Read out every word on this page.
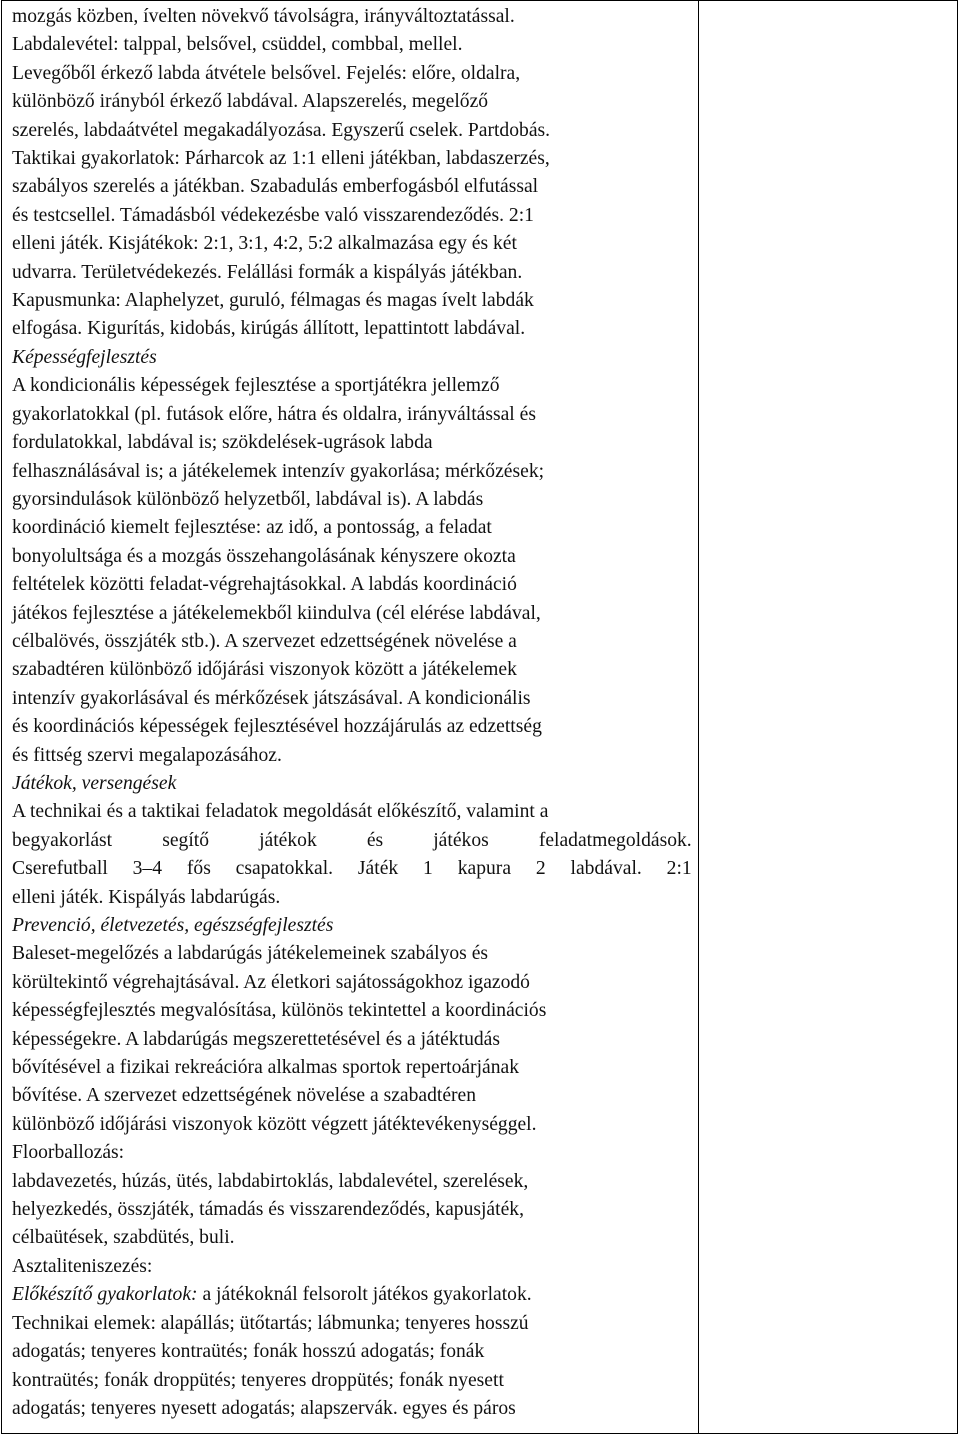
mozgás közben, ívelten növekvő távolságra, irányváltoztatással.
Labdalevétel: talppal, belsővel, csüddel, combbal, mellel.
Levegőből érkező labda átvétele belsővel. Fejelés: előre, oldalra,
különböző irányból érkező labdával. Alapszerelés, megelőző
szerelés, labdaátvétel megakadályozása. Egyszerű cselek. Partdobás.
Taktikai gyakorlatok: Párharcok az 1:1 elleni játékban, labdaszerzés,
szabályos szerelés a játékban. Szabadulás emberfogásból elfutással
és testcsellel. Támadásból védekezésbe való visszarendeződés. 2:1
elleni játék. Kisjátékok: 2:1, 3:1, 4:2, 5:2 alkalmazása egy és két
udvarra. Területvédekezés. Felállási formák a kispályás játékban.
Kapusmunka: Alaphelyzet, guruló, félmagas és magas ívelt labdák
elfogása. Kigurítás, kidobás, kirúgás állított, lepattintott labdával.
Képességfejlesztés
A kondicionális képességek fejlesztése a sportjátékra jellemző
gyakorlatokkal (pl. futások előre, hátra és oldalra, irányváltással és
fordulatokkal, labdával is; szökdelések-ugrások labda
felhasználásával is; a játékelemek intenzív gyakorlása; mérkőzések;
gyorsindulások különböző helyzetből, labdával is). A labdás
koordináció kiemelt fejlesztése: az idő, a pontosság, a feladat
bonyolultsága és a mozgás összehangolásának kényszere okozta
feltételek közötti feladat-végrehajtásokkal. A labdás koordináció
játékos fejlesztése a játékelemekből kiindulva (cél elérése labdával,
célbalövés, összjáték stb.). A szervezet edzettségének növelése a
szabadtéren különböző időjárási viszonyok között a játékelemek
intenzív gyakorlásával és mérkőzések játszásával. A kondicionális
és koordinációs képességek fejlesztésével hozzájárulás az edzettség
és fittség szervi megalapozásához.
Játékok, versengések
A technikai és a taktikai feladatok megoldását előkészítő, valamint a
begyakorlást segítő játékok és játékos feladatmegoldások.
Cserefutball 3–4 fős csapatokkal. Játék 1 kapura 2 labdával. 2:1
elleni játék. Kispályás labdarúgás.
Prevenció, életvezetés, egészségfejlesztés
Baleset-megelőzés a labdarúgás játékelemeinek szabályos és
körültekintő végrehajtásával. Az életkori sajátosságokhoz igazodó
képességfejlesztés megvalósítása, különös tekintettel a koordinációs
képességekre. A labdarúgás megszerettetésével és a játéktudás
bővítésével a fizikai rekreációra alkalmas sportok repertoárjának
bővítése. A szervezet edzettségének növelése a szabadtéren
különböző időjárási viszonyok között végzett játéktevékenységgel.
Floorballozás:
labdavezetés, húzás, ütés, labdabirtoklás, labdalevétel, szerelések,
helyezkedés, összjáték, támadás és visszarendeződés, kapusjáték,
célbaütések, szabdütés, buli.
Asztaliteniszezés:
Előkészítő gyakorlatok: a játékoknál felsorolt játékos gyakorlatok.
Technikai elemek: alapállás; ütőtartás; lábmunka; tenyeres hosszú
adogatás; tenyeres kontraütés; fonák hosszú adogatás; fonák
kontraütés; fonák droppütés; tenyeres droppütés; fonák nyesett
adogatás; tenyeres nyesett adogatás; alapszervák. egyes és páros
